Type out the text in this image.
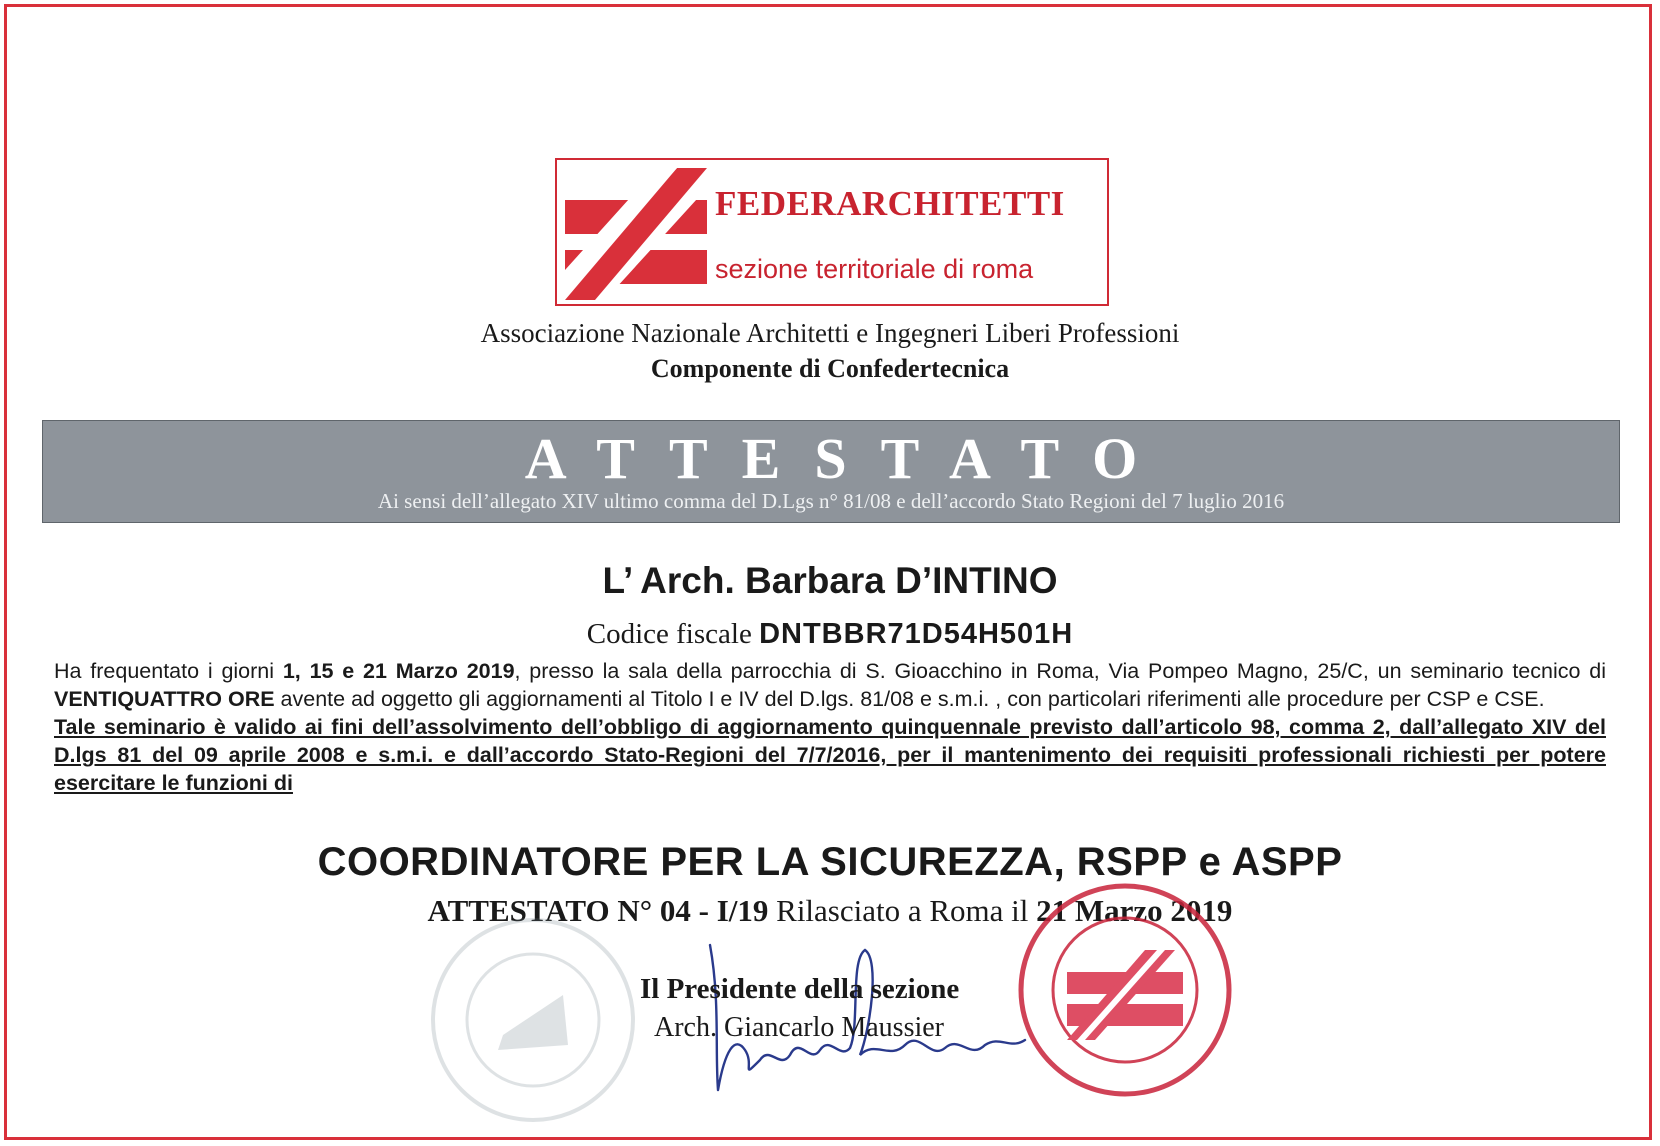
FEDERARCHITETTI
sezione territoriale di roma
Associazione Nazionale Architetti e Ingegneri Liberi Professioni
Componente di Confedertecnica
ATTESTATO
Ai sensi dell’allegato XIV ultimo comma del D.Lgs n° 81/08 e dell’accordo Stato Regioni del 7 luglio 2016
L’ Arch. Barbara D’INTINO
Codice fiscale DNTBBR71D54H501H
Ha frequentato i giorni 1, 15 e 21 Marzo 2019, presso la sala della parrocchia di S. Gioacchino in Roma, Via Pompeo Magno, 25/C, un seminario tecnico di VENTIQUATTRO ORE avente ad oggetto gli aggiornamenti al Titolo I e IV del D.lgs. 81/08 e s.m.i. , con particolari riferimenti alle procedure per CSP e CSE.
Tale seminario è valido ai fini dell’assolvimento dell’obbligo di aggiornamento quinquennale previsto dall’articolo 98, comma 2, dall’allegato XIV del D.lgs 81 del 09 aprile 2008 e s.m.i. e dall’accordo Stato-Regioni del 7/7/2016, per il mantenimento dei requisiti professionali richiesti per potere esercitare le funzioni di
COORDINATORE PER LA SICUREZZA, RSPP e ASPP
ATTESTATO N° 04 - I/19 Rilasciato a Roma il 21 Marzo 2019
Il Presidente della sezione
Arch. Giancarlo Maussier
